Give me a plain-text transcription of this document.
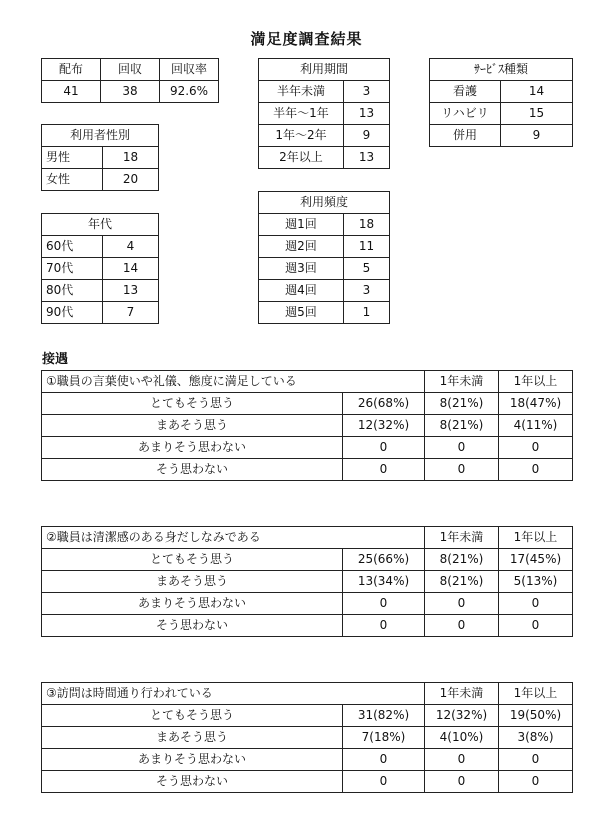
満足度調査結果
配布	回収	回収率
41	38	92.6%
利用者性別	
男性	18
女性	20
年代	
60代	4
70代	14
80代	13
90代	7
利用期間	
半年未満	3
半年～1年	13
1年～2年	9
2年以上	13
利用頻度	
週1回	18
週2回	11
週3回	5
週4回	3
週5回	1
ｻｰﾋﾞｽ種類	
看護	14
リハビリ	15
併用	9
接遇
①職員の言葉使いや礼儀、態度に満足している		1年未満	1年以上
とてもそう思う	26(68%)	8(21%)	18(47%)
まあそう思う	12(32%)	8(21%)	4(11%)
あまりそう思わない	0	0	0
そう思わない	0	0	0
②職員は清潔感のある身だしなみである		1年未満	1年以上
とてもそう思う	25(66%)	8(21%)	17(45%)
まあそう思う	13(34%)	8(21%)	5(13%)
あまりそう思わない	0	0	0
そう思わない	0	0	0
③訪問は時間通り行われている		1年未満	1年以上
とてもそう思う	31(82%)	12(32%)	19(50%)
まあそう思う	7(18%)	4(10%)	3(8%)
あまりそう思わない	0	0	0
そう思わない	0	0	0
